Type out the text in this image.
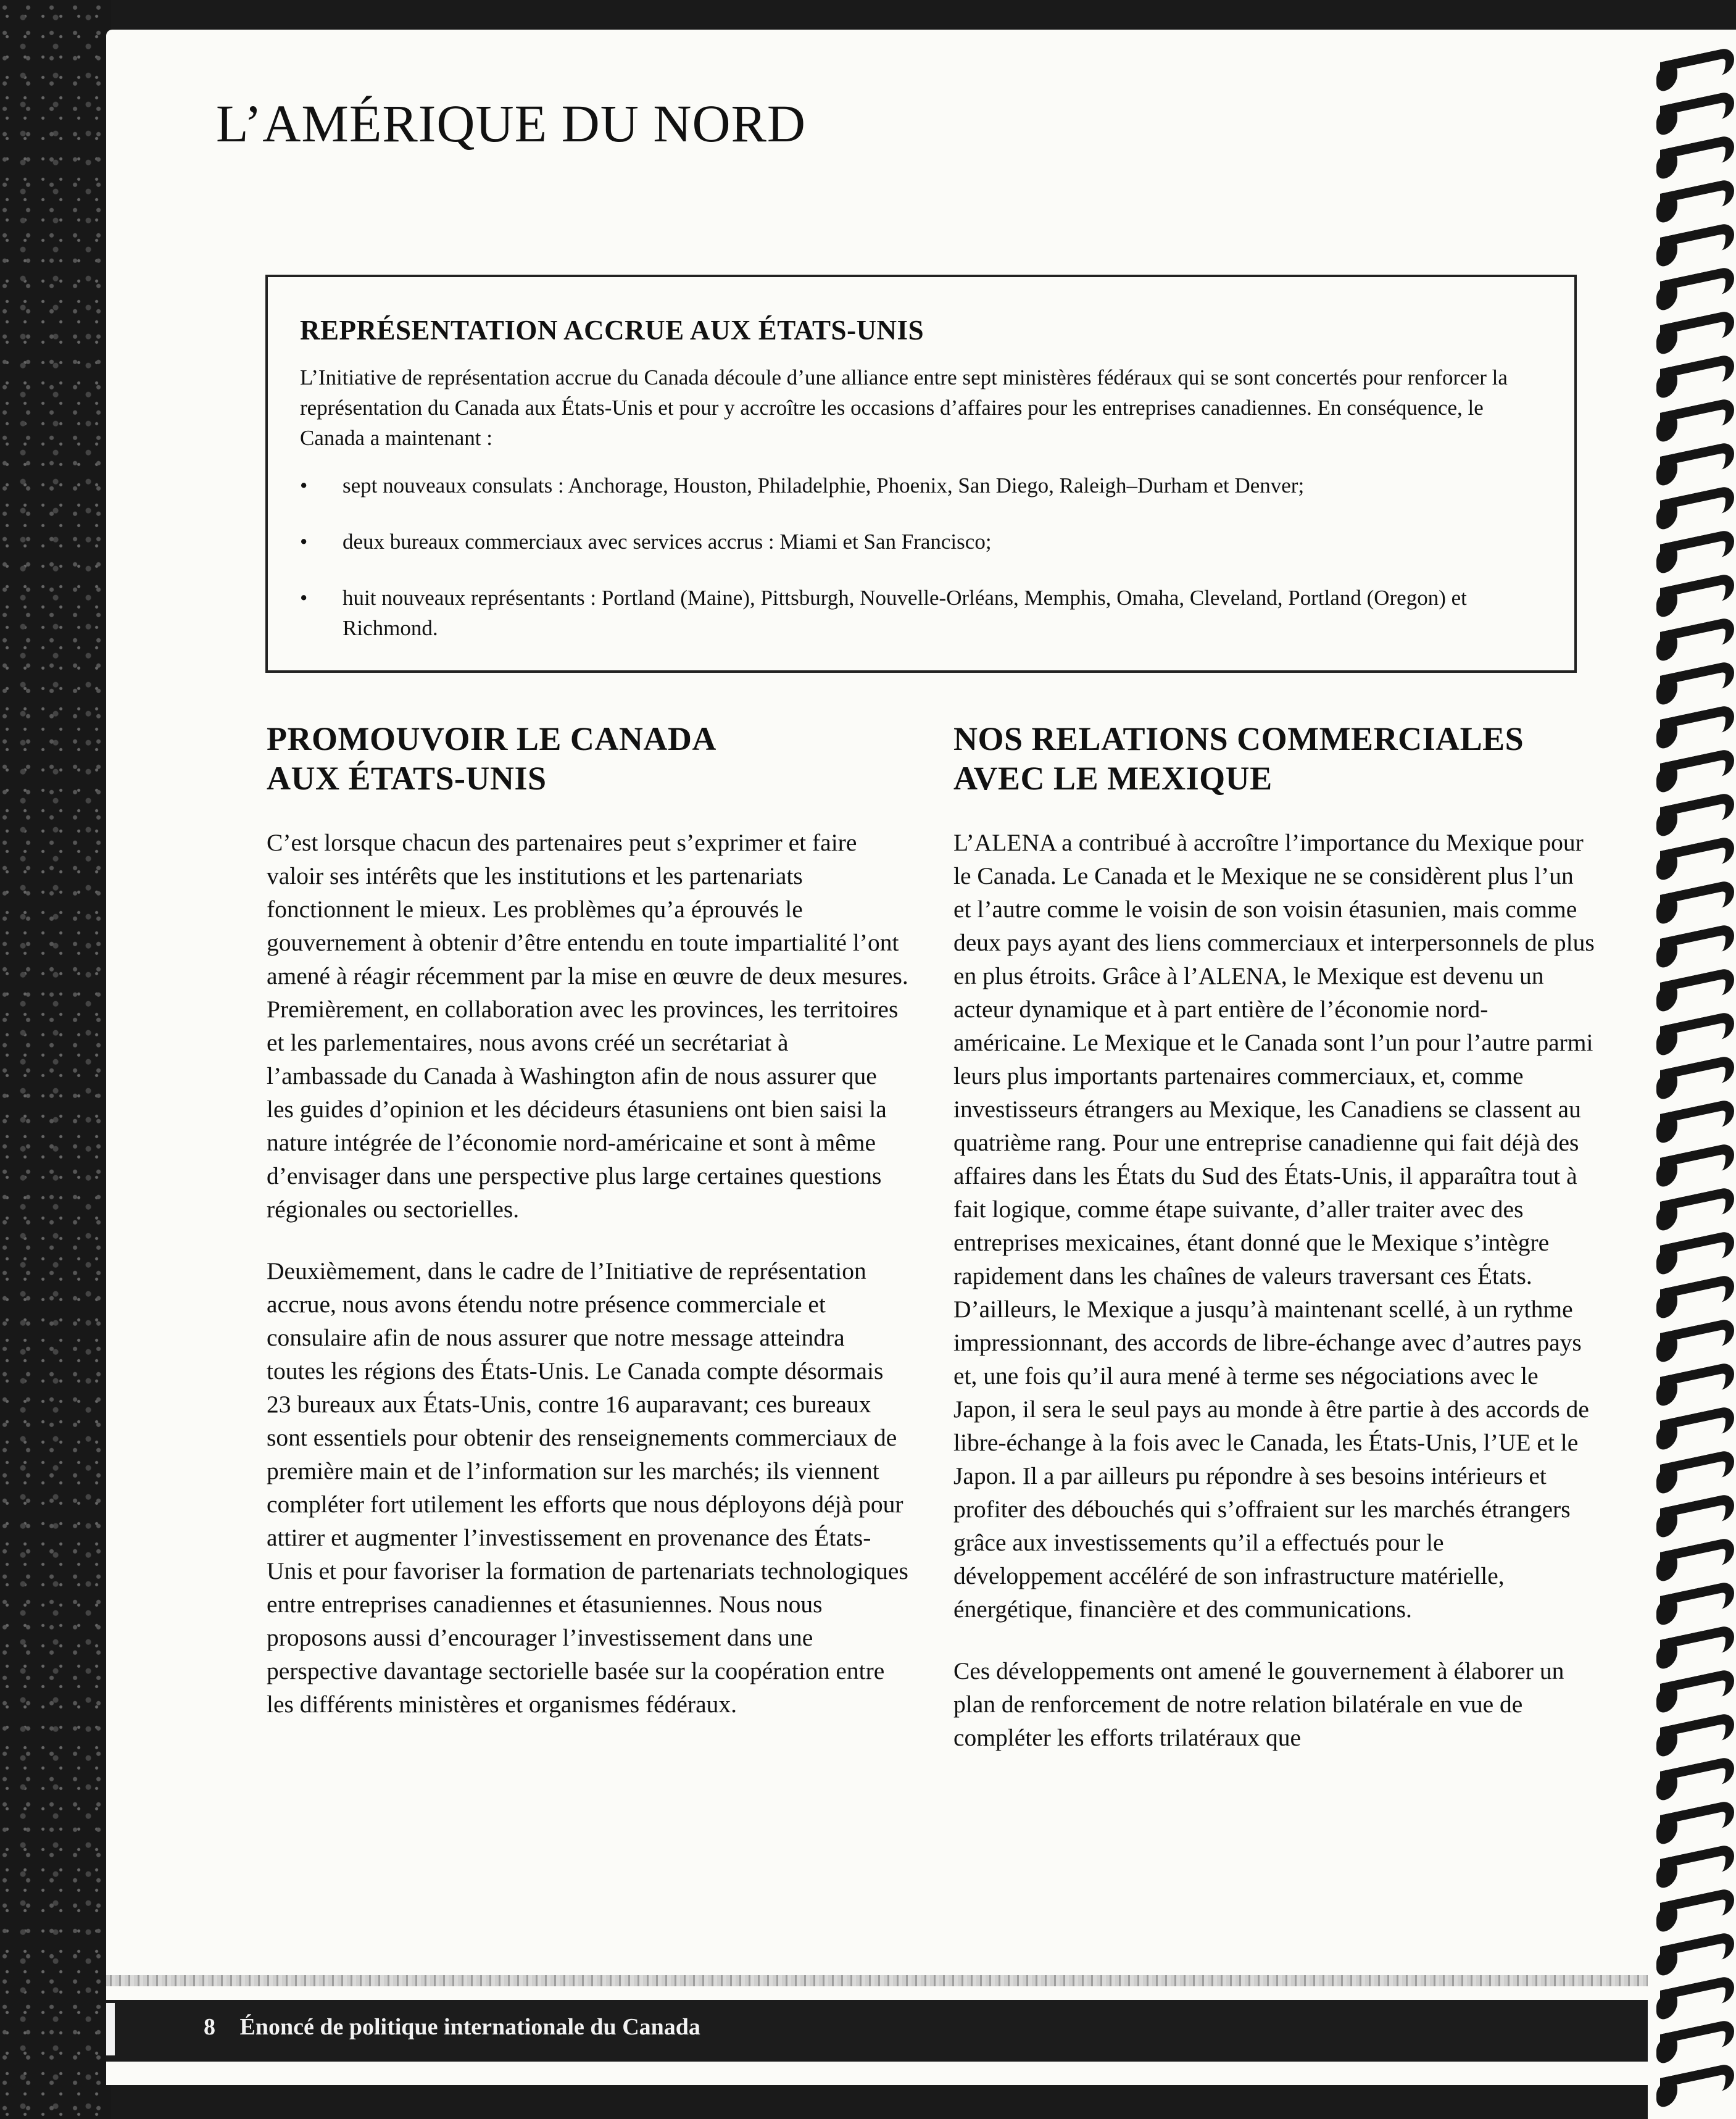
L’AMÉRIQUE DU NORD
REPRÉSENTATION ACCRUE AUX ÉTATS-UNIS

L’Initiative de représentation accrue du Canada découle d’une alliance entre sept ministères fédéraux qui se sont concertés pour renforcer la représentation du Canada aux États-Unis et pour y accroître les occasions d’affaires pour les entreprises canadiennes. En conséquence, le Canada a maintenant :

•	sept nouveaux consulats : Anchorage, Houston, Philadelphie, Phoenix, San Diego, Raleigh–Durham et Denver;
•	deux bureaux commerciaux avec services accrus : Miami et San Francisco;
•	huit nouveaux représentants : Portland (Maine), Pittsburgh, Nouvelle-Orléans, Memphis, Omaha, Cleveland, Portland (Oregon) et Richmond.
PROMOUVOIR LE CANADA
AUX ÉTATS-UNIS

C’est lorsque chacun des partenaires peut s’exprimer et faire valoir ses intérêts que les institutions et les partenariats fonctionnent le mieux. Les problèmes qu’a éprouvés le gouvernement à obtenir d’être entendu en toute impartialité l’ont amené à réagir récemment par la mise en œuvre de deux mesures. Premièrement, en collaboration avec les provinces, les territoires et les parlementaires, nous avons créé un secrétariat à l’ambassade du Canada à Washington afin de nous assurer que les guides d’opinion et les décideurs étasuniens ont bien saisi la nature intégrée de l’économie nord-américaine et sont à même d’envisager dans une perspective plus large certaines questions régionales ou sectorielles.

Deuxièmement, dans le cadre de l’Initiative de représentation accrue, nous avons étendu notre présence commerciale et consulaire afin de nous assurer que notre message atteindra toutes les régions des États-Unis. Le Canada compte désormais 23 bureaux aux États-Unis, contre 16 auparavant; ces bureaux sont essentiels pour obtenir des renseignements commerciaux de première main et de l’information sur les marchés; ils viennent compléter fort utilement les efforts que nous déployons déjà pour attirer et augmenter l’investissement en provenance des États-Unis et pour favoriser la formation de partenariats technologiques entre entreprises canadiennes et étasuniennes. Nous nous proposons aussi d’encourager l’investissement dans une perspective davantage sectorielle basée sur la coopération entre les différents ministères et organismes fédéraux.

NOS RELATIONS COMMERCIALES
AVEC LE MEXIQUE

L’ALENA a contribué à accroître l’importance du Mexique pour le Canada. Le Canada et le Mexique ne se considèrent plus l’un et l’autre comme le voisin de son voisin étasunien, mais comme deux pays ayant des liens commerciaux et interpersonnels de plus en plus étroits. Grâce à l’ALENA, le Mexique est devenu un acteur dynamique et à part entière de l’économie nord-américaine. Le Mexique et le Canada sont l’un pour l’autre parmi leurs plus importants partenaires commerciaux, et, comme investisseurs étrangers au Mexique, les Canadiens se classent au quatrième rang. Pour une entreprise canadienne qui fait déjà des affaires dans les États du Sud des États-Unis, il apparaîtra tout à fait logique, comme étape suivante, d’aller traiter avec des entreprises mexicaines, étant donné que le Mexique s’intègre rapidement dans les chaînes de valeurs traversant ces États. D’ailleurs, le Mexique a jusqu’à maintenant scellé, à un rythme impressionnant, des accords de libre-échange avec d’autres pays et, une fois qu’il aura mené à terme ses négociations avec le Japon, il sera le seul pays au monde à être partie à des accords de libre-échange à la fois avec le Canada, les États-Unis, l’UE et le Japon. Il a par ailleurs pu répondre à ses besoins intérieurs et profiter des débouchés qui s’offraient sur les marchés étrangers grâce aux investissements qu’il a effectués pour le développement accéléré de son infrastructure matérielle, énergétique, financière et des communications.

Ces développements ont amené le gouvernement à élaborer un plan de renforcement de notre relation bilatérale en vue de compléter les efforts trilatéraux que

8 Énoncé de politique internationale du Canada
